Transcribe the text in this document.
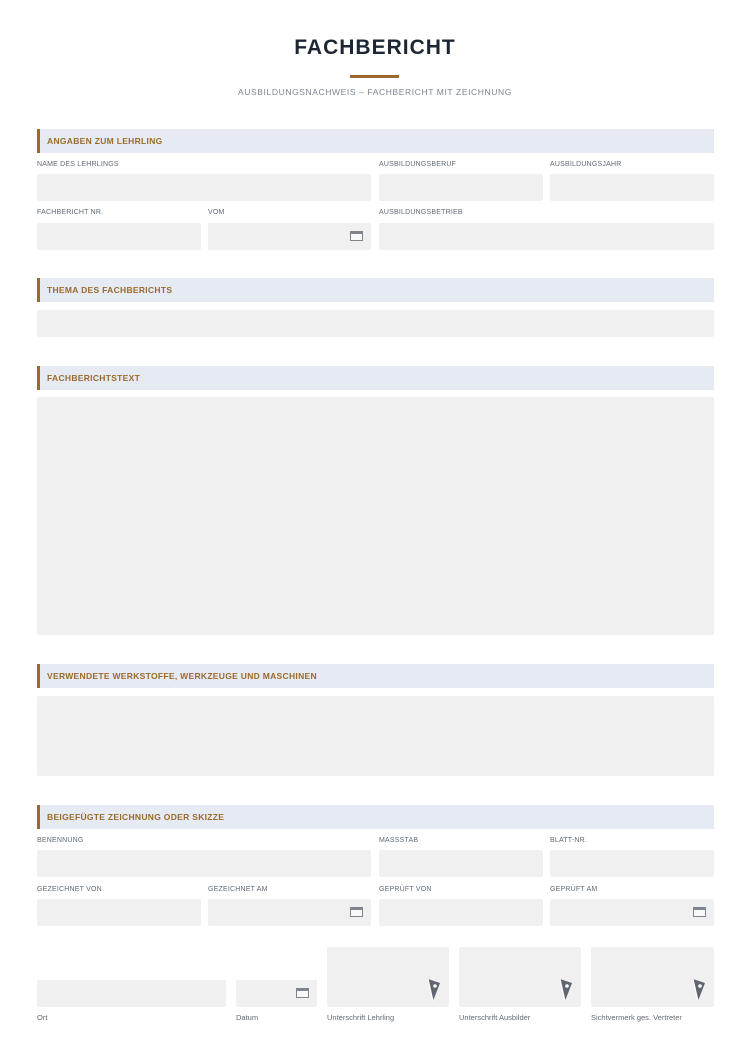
FACHBERICHT
AUSBILDUNGSNACHWEIS – FACHBERICHT MIT ZEICHNUNG
ANGABEN ZUM LEHRLING
NAME DES LEHRLINGS	AUSBILDUNGSBERUF	AUSBILDUNGSJAHR
FACHBERICHT NR.	VOM	AUSBILDUNGSBETRIEB
THEMA DES FACHBERICHTS
FACHBERICHTSTEXT
VERWENDETE WERKSTOFFE, WERKZEUGE UND MASCHINEN
BEIGEFÜGTE ZEICHNUNG ODER SKIZZE
BENENNUNG	MASSSTAB	BLATT-NR.
GEZEICHNET VON	GEZEICHNET AM	GEPRÜFT VON	GEPRÜFT AM
Ort	Datum	Unterschrift Lehrling	Unterschrift Ausbilder	Sichtvermerk ges. Vertreter
